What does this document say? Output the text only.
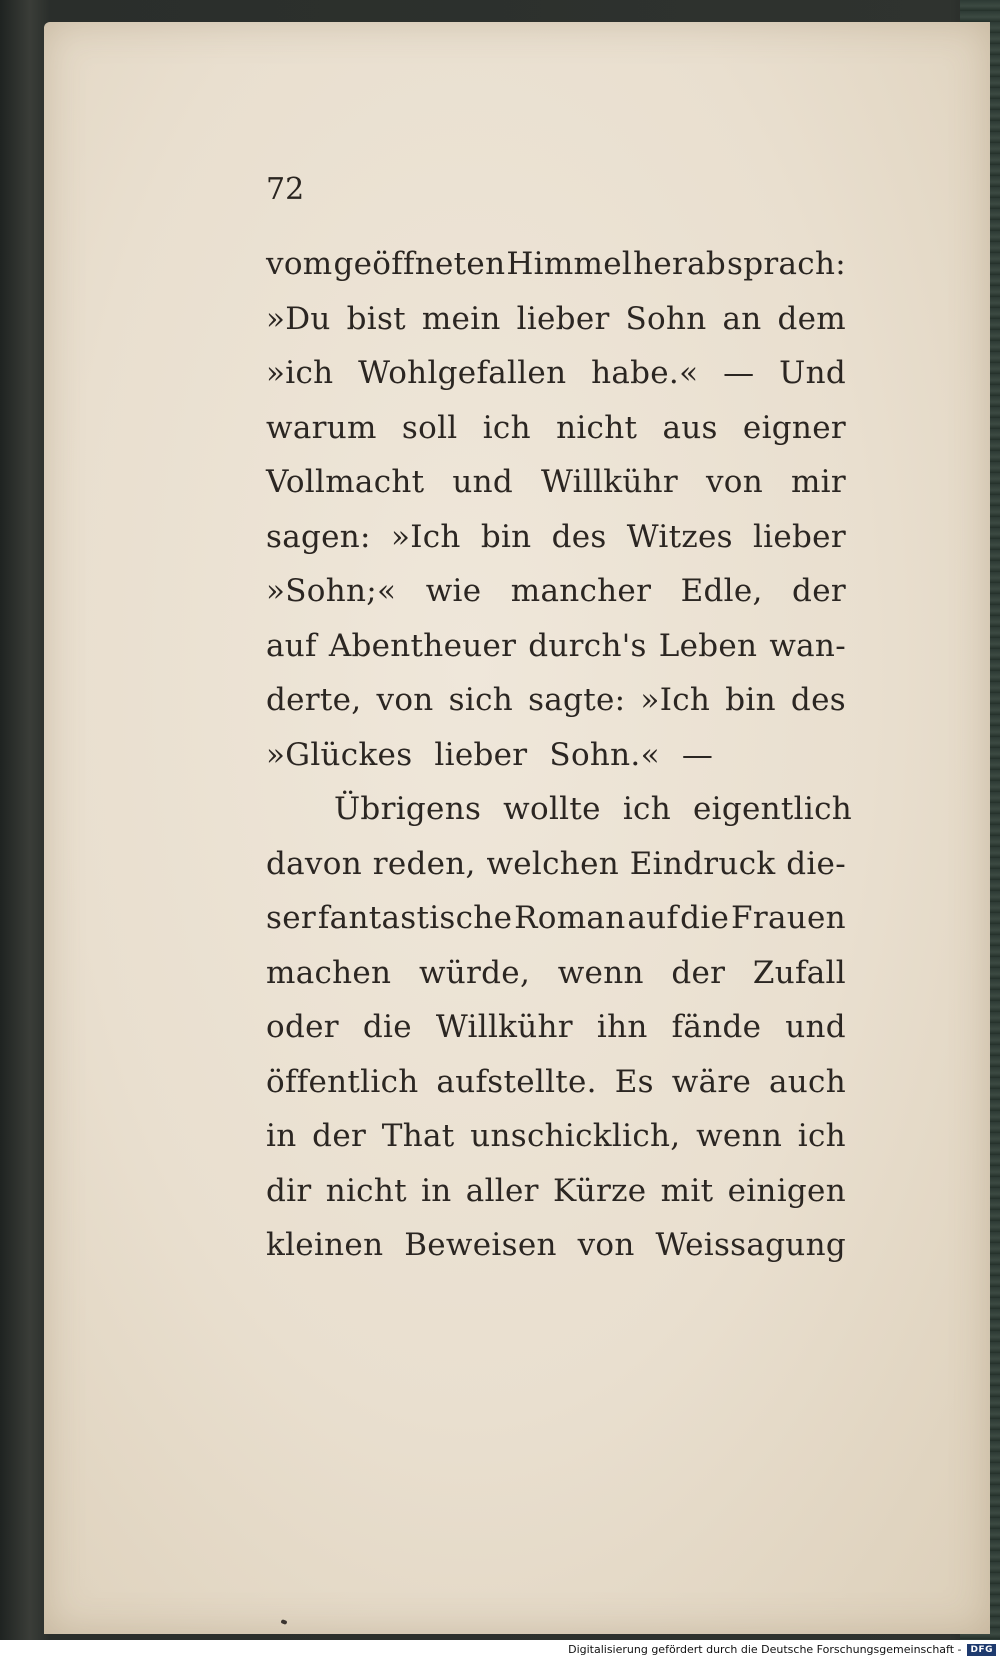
72
vom geöffneten Himmel herab sprach:
»Du bist mein lieber Sohn an dem
»ich Wohlgefallen habe.« — Und
warum soll ich nicht aus eigner
Vollmacht und Willkühr von mir
sagen: »Ich bin des Witzes lieber
»Sohn;« wie mancher Edle, der
auf Abentheuer durch's Leben wan-
derte, von sich sagte: »Ich bin des
»Glückes lieber Sohn.« —
Übrigens wollte ich eigentlich
davon reden, welchen Eindruck die-
ser fantastische Roman auf die Frauen
machen würde, wenn der Zufall
oder die Willkühr ihn fände und
öffentlich aufstellte. Es wäre auch
in der That unschicklich, wenn ich
dir nicht in aller Kürze mit einigen
kleinen Beweisen von Weissagung
Digitalisierung gefördert durch die Deutsche Forschungsgemeinschaft -	DFG
